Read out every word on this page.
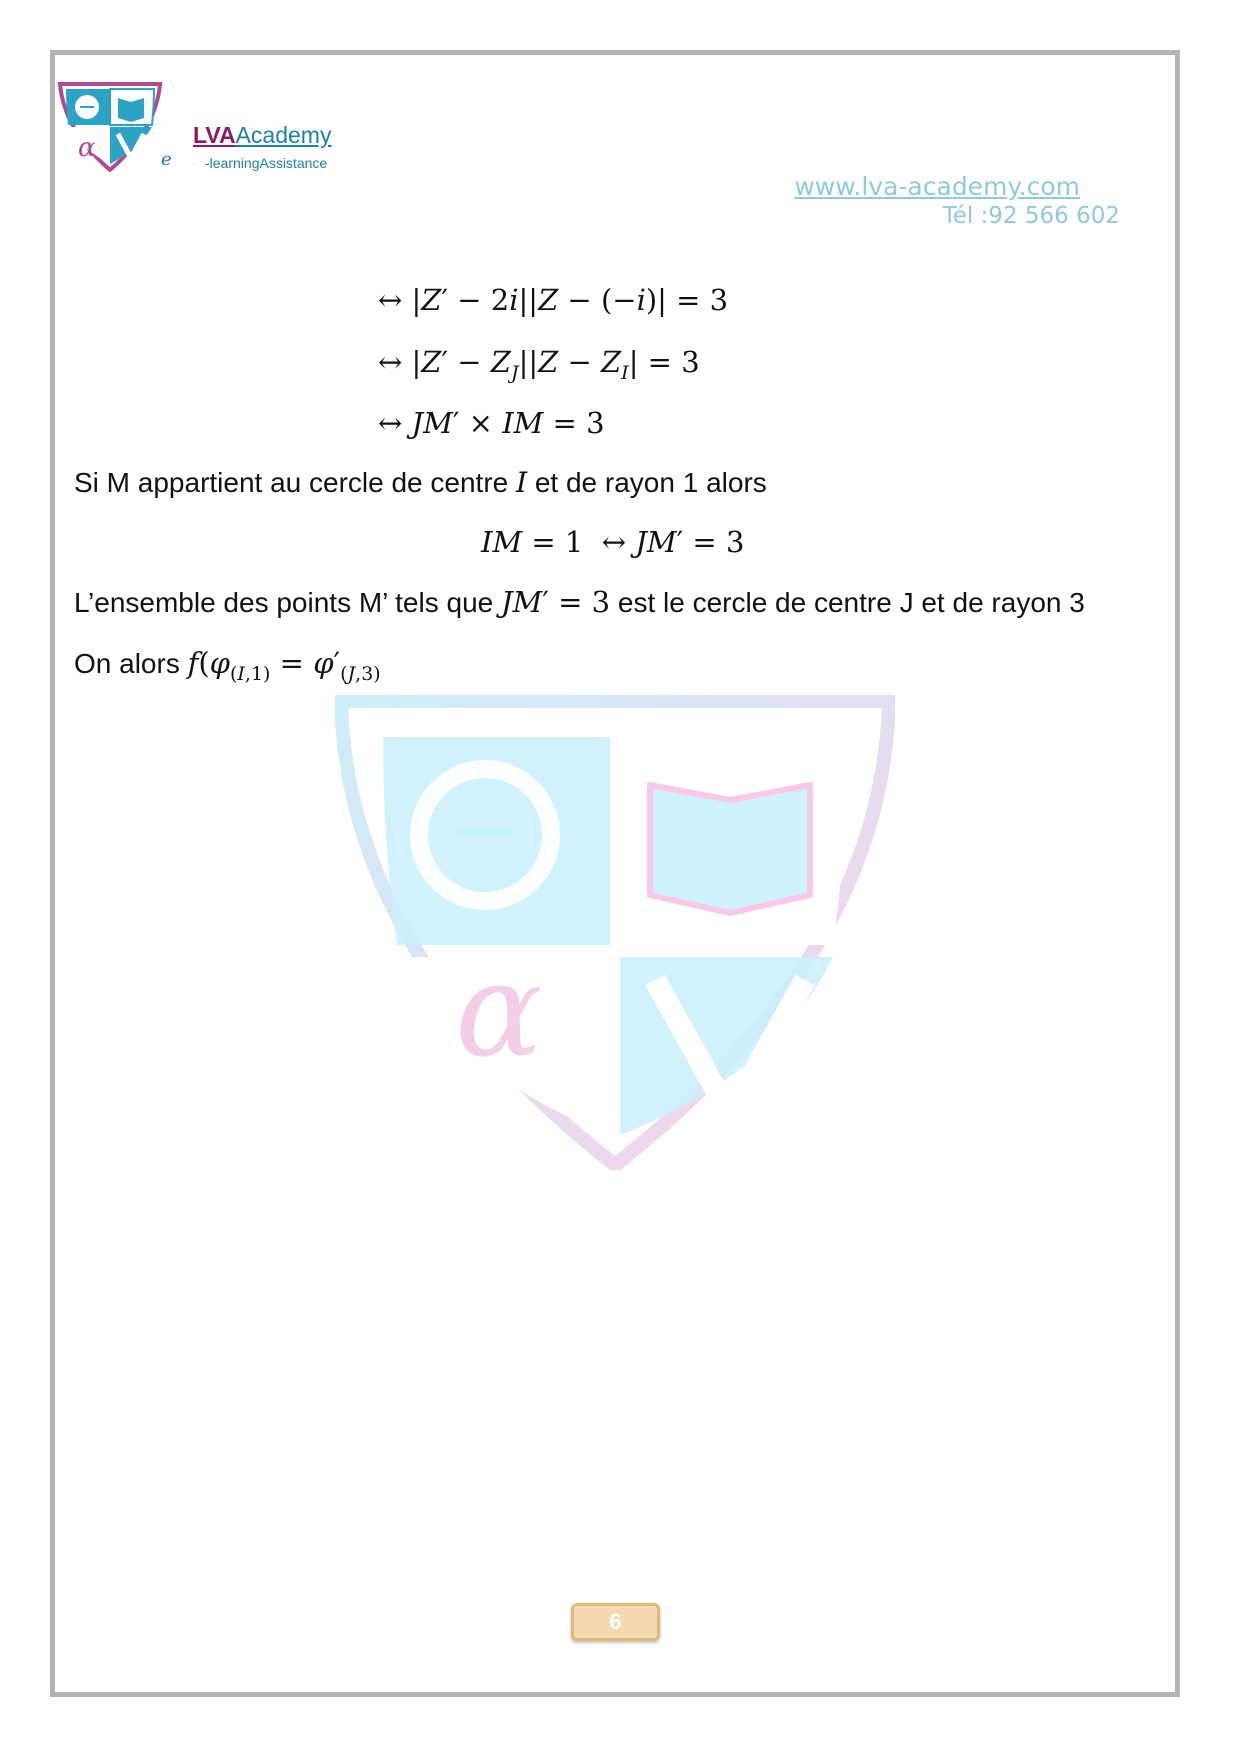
α	LVAAcademy
e -learningAssistance
www.lva-academy.com
Tél :92 566 602
α
↔ |Z′ − 2i||Z − (−i)| = 3
↔ $|Z' - Z_J||Z - Z_I| = 3$
↔ JM′ × IM = 3
Si M appartient au cercle de centre I et de rayon 1 alors
IM = 1  ↔ JM′ = 3
L’ensemble des points M’ tels que JM′ = 3 est le cercle de centre J et de rayon 3
On alors $f(\varphi_{(I,1)} = \varphi'_{(J,3)}$
6
